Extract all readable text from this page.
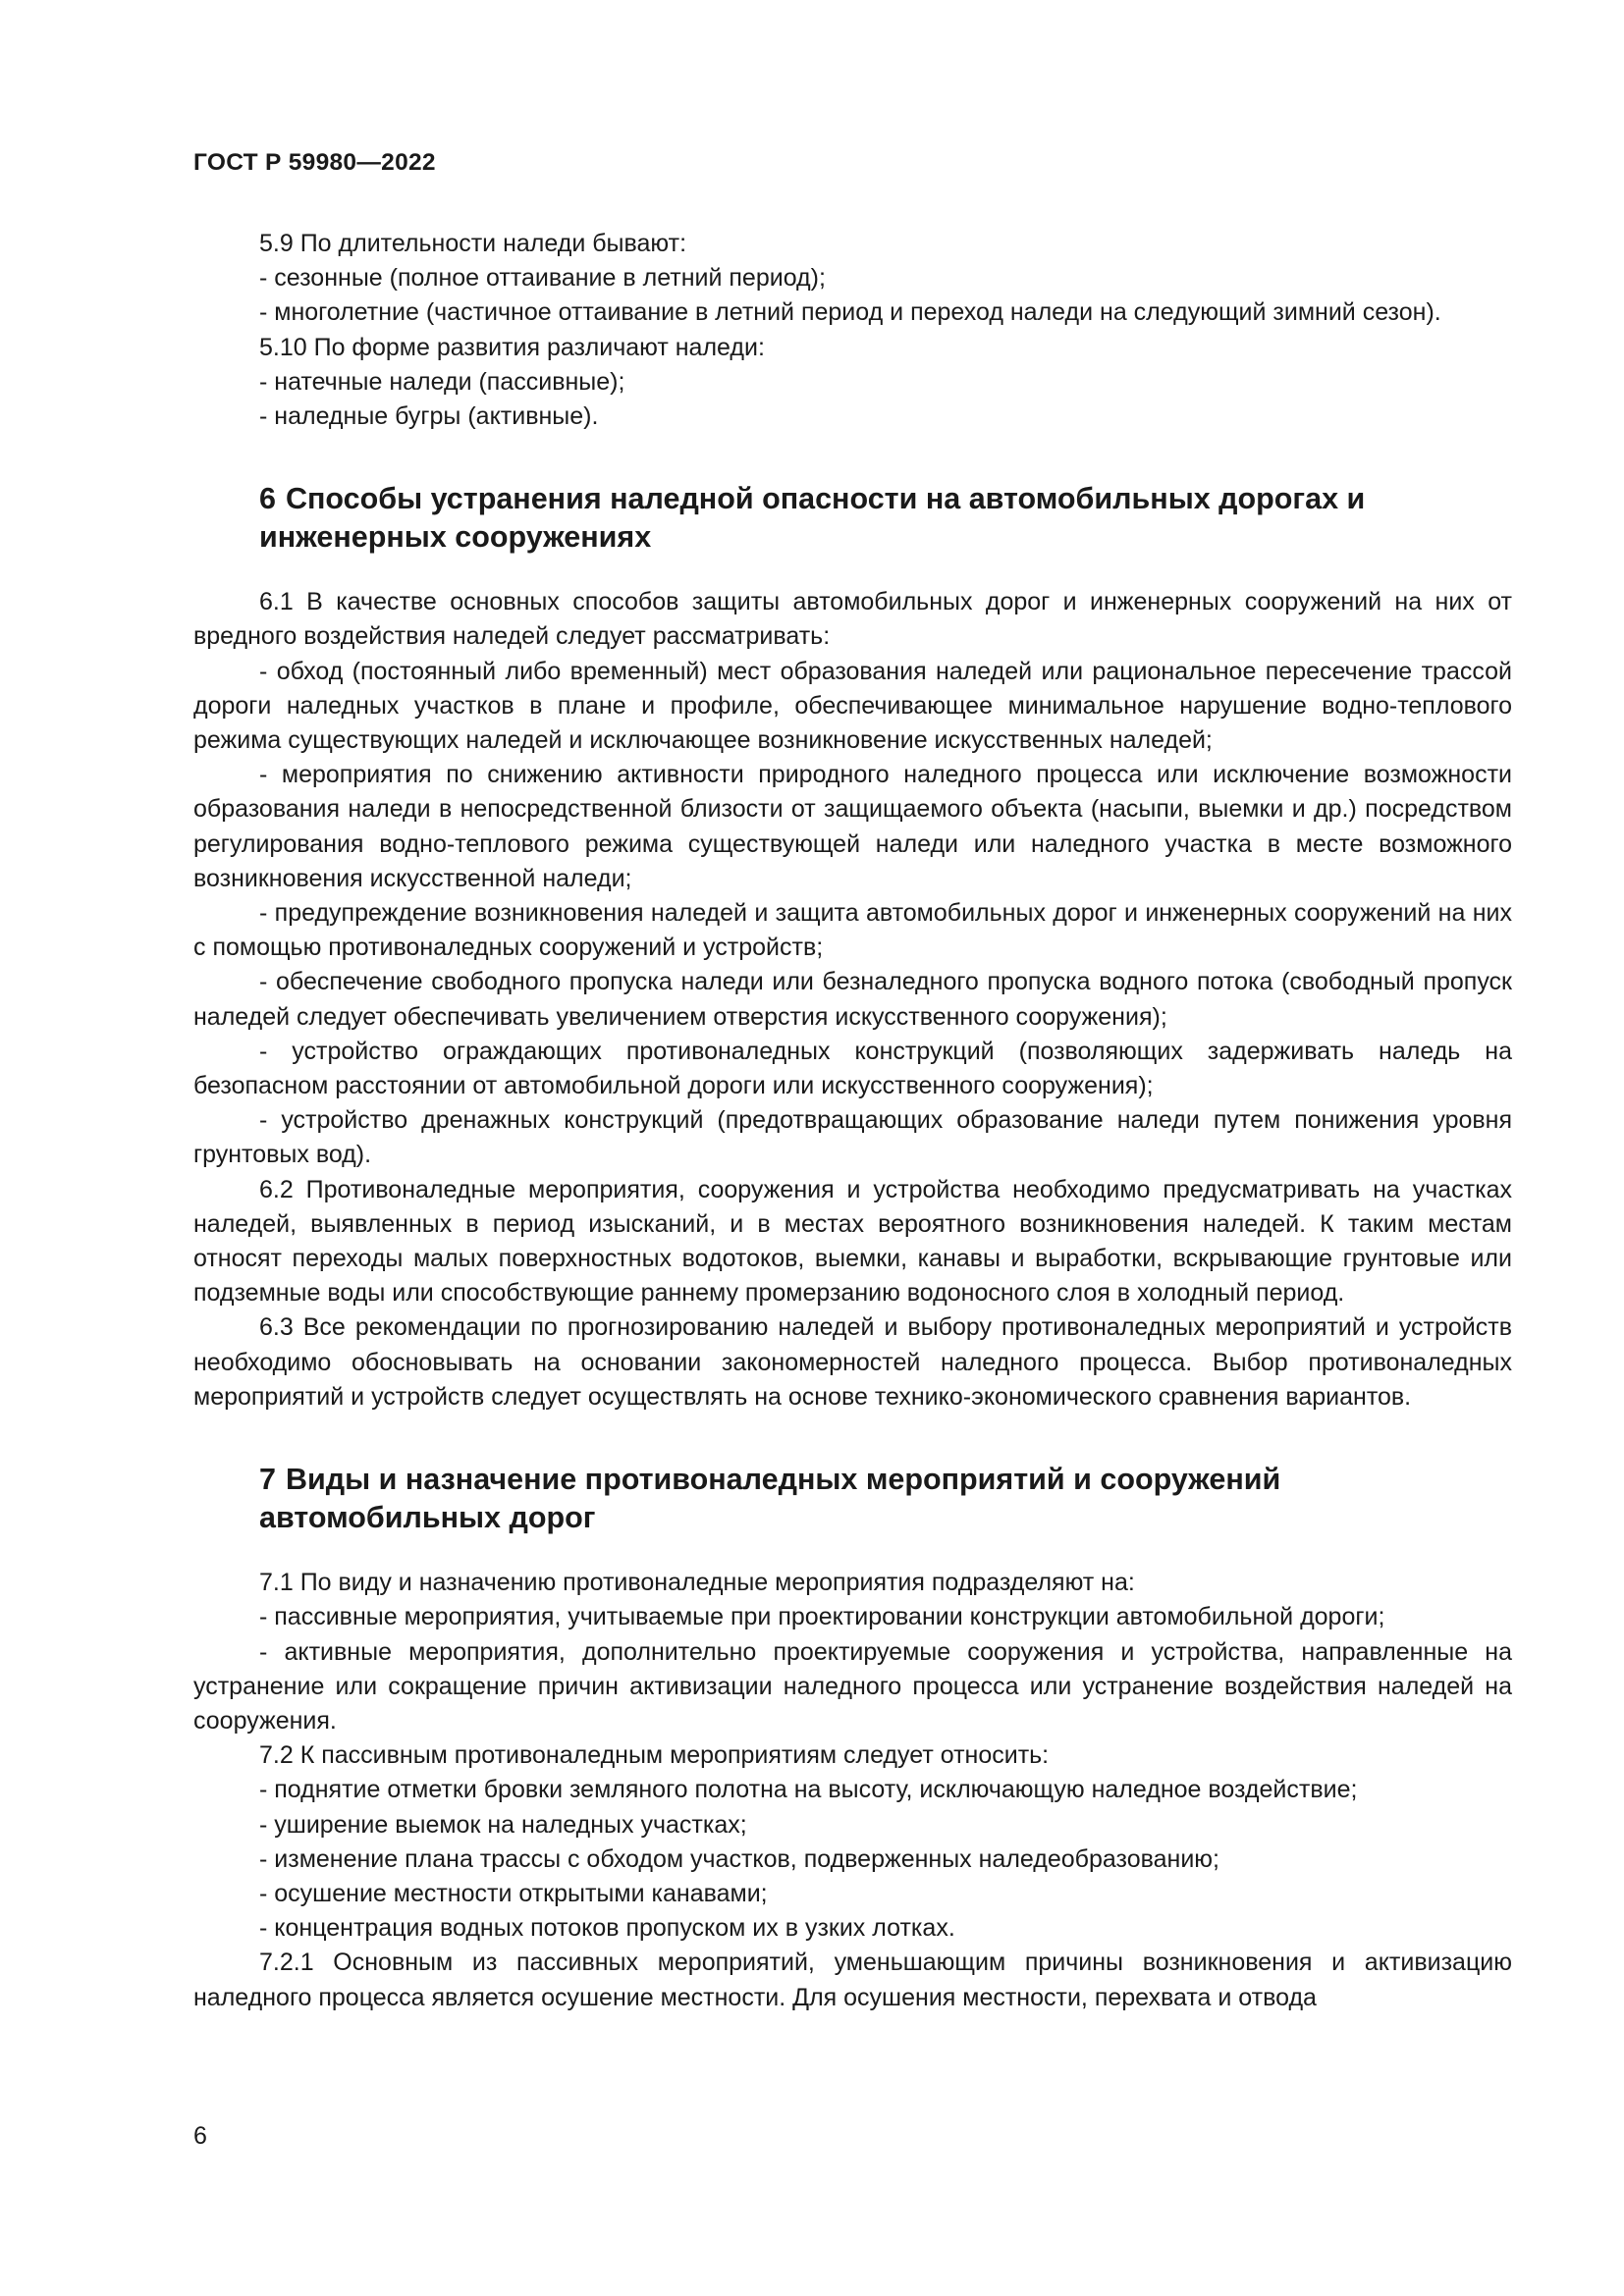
ГОСТ Р 59980—2022

5.9 По длительности наледи бывают:

- сезонные (полное оттаивание в летний период);

- многолетние (частичное оттаивание в летний период и переход наледи на следующий зимний сезон).

5.10 По форме развития различают наледи:

- натечные наледи (пассивные);

- наледные бугры (активные).

6 Способы устранения наледной опасности на автомобильных дорогах и инженерных сооружениях

6.1 В качестве основных способов защиты автомобильных дорог и инженерных сооружений на них от вредного воздействия наледей следует рассматривать:

- обход (постоянный либо временный) мест образования наледей или рациональное пересечение трассой дороги наледных участков в плане и профиле, обеспечивающее минимальное нарушение водно-теплового режима существующих наледей и исключающее возникновение искусственных наледей;

- мероприятия по снижению активности природного наледного процесса или исключение возможности образования наледи в непосредственной близости от защищаемого объекта (насыпи, выемки и др.) посредством регулирования водно-теплового режима существующей наледи или наледного участка в месте возможного возникновения искусственной наледи;

- предупреждение возникновения наледей и защита автомобильных дорог и инженерных сооружений на них с помощью противоналедных сооружений и устройств;

- обеспечение свободного пропуска наледи или безналедного пропуска водного потока (свободный пропуск наледей следует обеспечивать увеличением отверстия искусственного сооружения);

- устройство ограждающих противоналедных конструкций (позволяющих задерживать наледь на безопасном расстоянии от автомобильной дороги или искусственного сооружения);

- устройство дренажных конструкций (предотвращающих образование наледи путем понижения уровня грунтовых вод).

6.2 Противоналедные мероприятия, сооружения и устройства необходимо предусматривать на участках наледей, выявленных в период изысканий, и в местах вероятного возникновения наледей. К таким местам относят переходы малых поверхностных водотоков, выемки, канавы и выработки, вскрывающие грунтовые или подземные воды или способствующие раннему промерзанию водоносного слоя в холодный период.

6.3 Все рекомендации по прогнозированию наледей и выбору противоналедных мероприятий и устройств необходимо обосновывать на основании закономерностей наледного процесса. Выбор противоналедных мероприятий и устройств следует осуществлять на основе технико-экономического сравнения вариантов.

7 Виды и назначение противоналедных мероприятий и сооружений автомобильных дорог

7.1 По виду и назначению противоналедные мероприятия подразделяют на:

- пассивные мероприятия, учитываемые при проектировании конструкции автомобильной дороги;

- активные мероприятия, дополнительно проектируемые сооружения и устройства, направленные на устранение или сокращение причин активизации наледного процесса или устранение воздействия наледей на сооружения.

7.2 К пассивным противоналедным мероприятиям следует относить:

- поднятие отметки бровки земляного полотна на высоту, исключающую наледное воздействие;

- уширение выемок на наледных участках;

- изменение плана трассы с обходом участков, подверженных наледеобразованию;

- осушение местности открытыми канавами;

- концентрация водных потоков пропуском их в узких лотках.

7.2.1 Основным из пассивных мероприятий, уменьшающим причины возникновения и активизацию наледного процесса является осушение местности. Для осушения местности, перехвата и отвода

6
